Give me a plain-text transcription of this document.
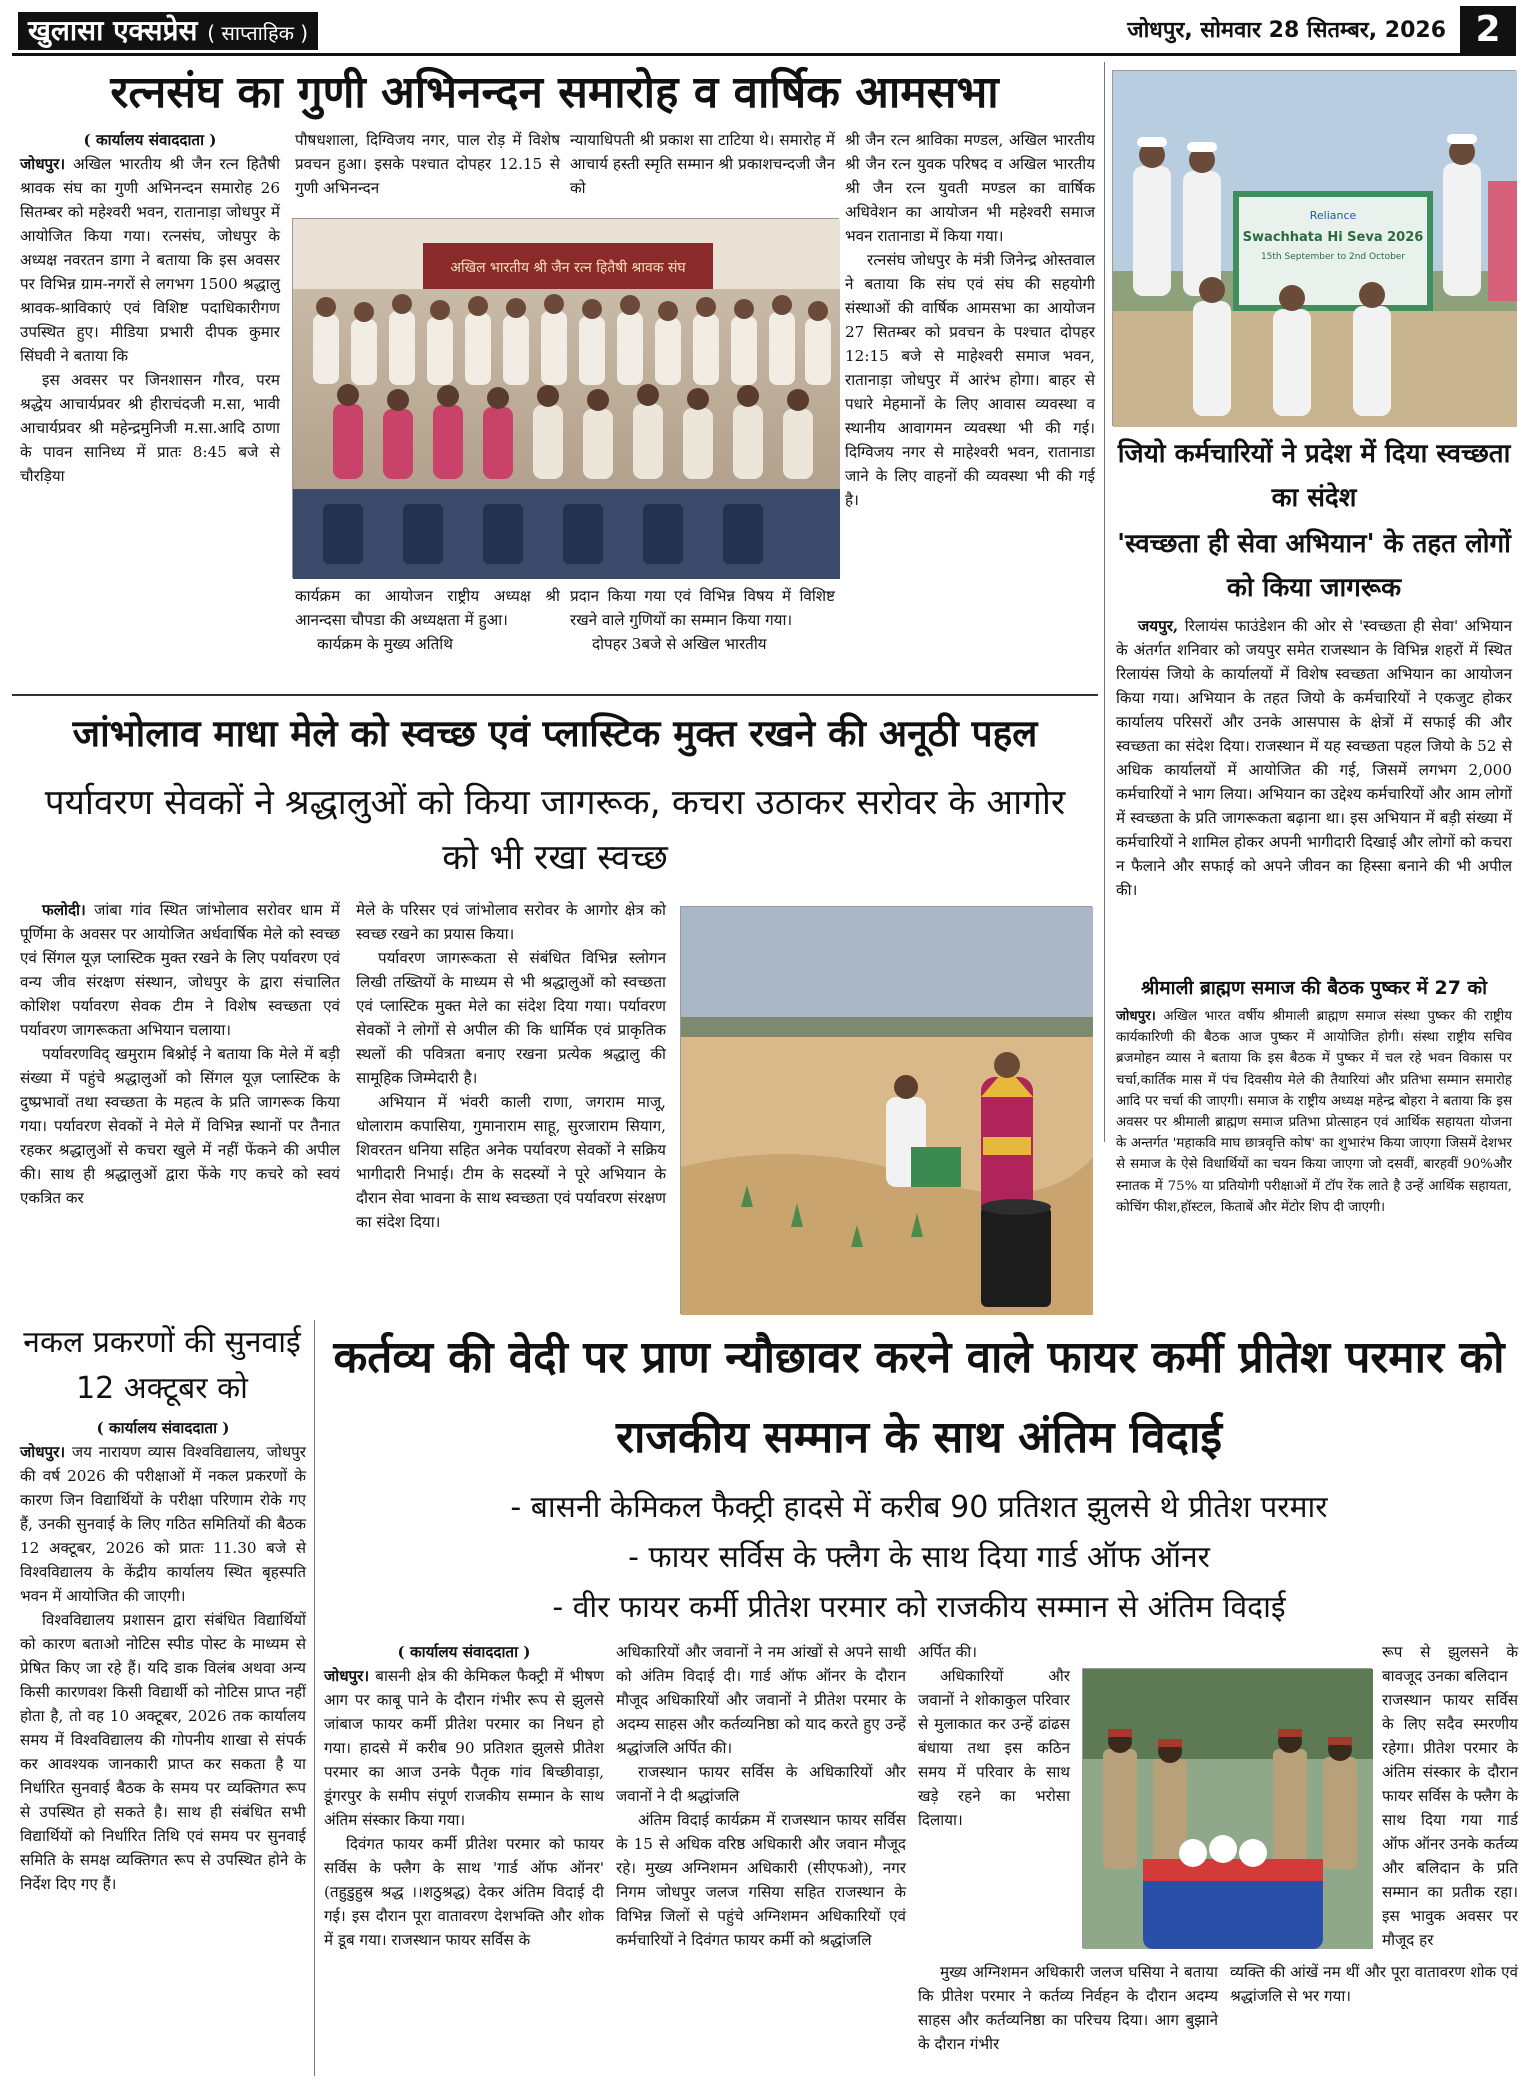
खुलासा एक्सप्रेस ( साप्ताहिक )	जोधपुर, सोमवार 28 सितम्बर, 2026 2
रत्नसंघ का गुणी अभिनन्दन समारोह व वार्षिक आमसभा

( कार्यालय संवाददाता )

जोधपुर। अखिल भारतीय श्री जैन रत्न हितैषी श्रावक संघ का गुणी अभिनन्दन समारोह 26 सितम्बर को महेश्वरी भवन, रातानाड़ा जोधपुर में आयोजित किया गया। रत्नसंघ, जोधपुर के अध्यक्ष नवरतन डागा ने बताया कि इस अवसर पर विभिन्न ग्राम-नगरों से लगभग 1500 श्रद्धालु श्रावक-श्राविकाएं एवं विशिष्ट पदाधिकारीगण उपस्थित हुए। मीडिया प्रभारी दीपक कुमार सिंघवी ने बताया कि

इस अवसर पर जिनशासन गौरव, परम श्रद्धेय आचार्यप्रवर श्री हीराचंदजी म.सा, भावी आचार्यप्रवर श्री महेन्द्रमुनिजी म.सा.आदि ठाणा के पावन सानिध्य में प्रातः 8:45 बजे से चौरड़िया

पौषधशाला, दिग्विजय नगर, पाल रोड़ में विशेष प्रवचन हुआ। इसके पश्चात दोपहर 12.15 से गुणी अभिनन्दन

न्यायाधिपती श्री प्रकाश सा टाटिया थे। समारोह में आचार्य हस्ती स्मृति सम्मान श्री प्रकाशचन्दजी जैन को

अखिल भारतीय श्री जैन रत्न हितैषी श्रावक संघ

कार्यक्रम का आयोजन राष्ट्रीय अध्यक्ष श्री आनन्दसा चौपडा की अध्यक्षता में हुआ।

कार्यक्रम के मुख्य अतिथि

प्रदान किया गया एवं विभिन्न विषय में विशिष्ट रखने वाले गुणियों का सम्मान किया गया।

दोपहर 3बजे से अखिल भारतीय

श्री जैन रत्न श्राविका मण्डल, अखिल भारतीय श्री जैन रत्न युवक परिषद व अखिल भारतीय श्री जैन रत्न युवती मण्डल का वार्षिक अधिवेशन का आयोजन भी महेश्वरी समाज भवन रातानाडा में किया गया।

रत्नसंघ जोधपुर के मंत्री जिनेन्द्र ओस्तवाल ने बताया कि संघ एवं संघ की सहयोगी संस्थाओं की वार्षिक आमसभा का आयोजन 27 सितम्बर को प्रवचन के पश्चात दोपहर 12:15 बजे से माहेश्वरी समाज भवन, रातानाड़ा जोधपुर में आरंभ होगा। बाहर से पधारे मेहमानों के लिए आवास व्यवस्था व स्थानीय आवागमन व्यवस्था भी की गई। दिग्विजय नगर से माहेश्वरी भवन, रातानाडा जाने के लिए वाहनों की व्यवस्था भी की गई है।

Reliance
Swachhata Hi Seva 2026
15th September to 2nd October
जियो कर्मचारियों ने प्रदेश में दिया स्वच्छता का संदेश
'स्वच्छता ही सेवा अभियान' के तहत लोगों को किया जागरूक

जयपुर, रिलायंस फाउंडेशन की ओर से 'स्वच्छता ही सेवा' अभियान के अंतर्गत शनिवार को जयपुर समेत राजस्थान के विभिन्न शहरों में स्थित रिलायंस जियो के कार्यालयों में विशेष स्वच्छता अभियान का आयोजन किया गया। अभियान के तहत जियो के कर्मचारियों ने एकजुट होकर कार्यालय परिसरों और उनके आसपास के क्षेत्रों में सफाई की और स्वच्छता का संदेश दिया। राजस्थान में यह स्वच्छता पहल जियो के 52 से अधिक कार्यालयों में आयोजित की गई, जिसमें लगभग 2,000 कर्मचारियों ने भाग लिया। अभियान का उद्देश्य कर्मचारियों और आम लोगों में स्वच्छता के प्रति जागरूकता बढ़ाना था। इस अभियान में बड़ी संख्या में कर्मचारियों ने शामिल होकर अपनी भागीदारी दिखाई और लोगों को कचरा न फैलाने और सफाई को अपने जीवन का हिस्सा बनाने की भी अपील की।

श्रीमाली ब्राह्मण समाज की बैठक पुष्कर में 27 को

जोधपुर। अखिल भारत वर्षीय श्रीमाली ब्राह्मण समाज संस्था पुष्कर की राष्ट्रीय कार्यकारिणी की बैठक आज पुष्कर में आयोजित होगी। संस्था राष्ट्रीय सचिव ब्रजमोहन व्यास ने बताया कि इस बैठक में पुष्कर में चल रहे भवन विकास पर चर्चा,कार्तिक मास में पंच दिवसीय मेले की तैयारियां और प्रतिभा सम्मान समारोह आदि पर चर्चा की जाएगी। समाज के राष्ट्रीय अध्यक्ष महेन्द्र बोहरा ने बताया कि इस अवसर पर श्रीमाली ब्राह्मण समाज प्रतिभा प्रोत्साहन एवं आर्थिक सहायता योजना के अन्तर्गत 'महाकवि माघ छात्रवृत्ति कोष' का शुभारंभ किया जाएगा जिसमें देशभर से समाज के ऐसे विधार्थियों का चयन किया जाएगा जो दसवीं, बारहवीं 90%और स्नातक में 75% या प्रतियोगी परीक्षाओं में टॉप रेंक लाते है उन्हें आर्थिक सहायता, कोचिंग फीश,हॉस्टल, किताबें और मेंटोर शिप दी जाएगी।

जांभोलाव माधा मेले को स्वच्छ एवं प्लास्टिक मुक्त रखने की अनूठी पहल
पर्यावरण सेवकों ने श्रद्धालुओं को किया जागरूक, कचरा उठाकर सरोवर के आगोर को भी रखा स्वच्छ

फलोदी। जांबा गांव स्थित जांभोलाव सरोवर धाम में पूर्णिमा के अवसर पर आयोजित अर्धवार्षिक मेले को स्वच्छ एवं सिंगल यूज़ प्लास्टिक मुक्त रखने के लिए पर्यावरण एवं वन्य जीव संरक्षण संस्थान, जोधपुर के द्वारा संचालित कोशिश पर्यावरण सेवक टीम ने विशेष स्वच्छता एवं पर्यावरण जागरूकता अभियान चलाया।

पर्यावरणविद् खमुराम बिश्नोई ने बताया कि मेले में बड़ी संख्या में पहुंचे श्रद्धालुओं को सिंगल यूज़ प्लास्टिक के दुष्प्रभावों तथा स्वच्छता के महत्व के प्रति जागरूक किया गया। पर्यावरण सेवकों ने मेले में विभिन्न स्थानों पर तैनात रहकर श्रद्धालुओं से कचरा खुले में नहीं फेंकने की अपील की। साथ ही श्रद्धालुओं द्वारा फेंके गए कचरे को स्वयं एकत्रित कर

मेले के परिसर एवं जांभोलाव सरोवर के आगोर क्षेत्र को स्वच्छ रखने का प्रयास किया।

पर्यावरण जागरूकता से संबंधित विभिन्न स्लोगन लिखी तख्तियों के माध्यम से भी श्रद्धालुओं को स्वच्छता एवं प्लास्टिक मुक्त मेले का संदेश दिया गया। पर्यावरण सेवकों ने लोगों से अपील की कि धार्मिक एवं प्राकृतिक स्थलों की पवित्रता बनाए रखना प्रत्येक श्रद्धालु की सामूहिक जिम्मेदारी है।

अभियान में भंवरी काली राणा, जगराम माजू, धोलाराम कपासिया, गुमानाराम साहू, सुरजाराम सियाग, शिवरतन धनिया सहित अनेक पर्यावरण सेवकों ने सक्रिय भागीदारी निभाई। टीम के सदस्यों ने पूरे अभियान के दौरान सेवा भावना के साथ स्वच्छता एवं पर्यावरण संरक्षण का संदेश दिया।

नकल प्रकरणों की सुनवाई 12 अक्टूबर को

( कार्यालय संवाददाता )

जोधपुर। जय नारायण व्यास विश्वविद्यालय, जोधपुर की वर्ष 2026 की परीक्षाओं में नकल प्रकरणों के कारण जिन विद्यार्थियों के परीक्षा परिणाम रोके गए हैं, उनकी सुनवाई के लिए गठित समितियों की बैठक 12 अक्टूबर, 2026 को प्रातः 11.30 बजे से विश्वविद्यालय के केंद्रीय कार्यालय स्थित बृहस्पति भवन में आयोजित की जाएगी।

विश्वविद्यालय प्रशासन द्वारा संबंधित विद्यार्थियों को कारण बताओ नोटिस स्पीड पोस्ट के माध्यम से प्रेषित किए जा रहे हैं। यदि डाक विलंब अथवा अन्य किसी कारणवश किसी विद्यार्थी को नोटिस प्राप्त नहीं होता है, तो वह 10 अक्टूबर, 2026 तक कार्यालय समय में विश्वविद्यालय की गोपनीय शाखा से संपर्क कर आवश्यक जानकारी प्राप्त कर सकता है या निर्धारित सुनवाई बैठक के समय पर व्यक्तिगत रूप से उपस्थित हो सकते है। साथ ही संबंधित सभी विद्यार्थियों को निर्धारित तिथि एवं समय पर सुनवाई समिति के समक्ष व्यक्तिगत रूप से उपस्थित होने के निर्देश दिए गए हैं।

कर्तव्य की वेदी पर प्राण न्यौछावर करने वाले फायर कर्मी प्रीतेश परमार को राजकीय सम्मान के साथ अंतिम विदाई
- बासनी केमिकल फैक्ट्री हादसे में करीब 90 प्रतिशत झुलसे थे प्रीतेश परमार
- फायर सर्विस के फ्लैग के साथ दिया गार्ड ऑफ ऑनर
- वीर फायर कर्मी प्रीतेश परमार को राजकीय सम्मान से अंतिम विदाई

( कार्यालय संवाददाता )

जोधपुर। बासनी क्षेत्र की केमिकल फैक्ट्री में भीषण आग पर काबू पाने के दौरान गंभीर रूप से झुलसे जांबाज फायर कर्मी प्रीतेश परमार का निधन हो गया। हादसे में करीब 90 प्रतिशत झुलसे प्रीतेश परमार का आज उनके पैतृक गांव बिच्छीवाड़ा, डूंगरपुर के समीप संपूर्ण राजकीय सम्मान के साथ अंतिम संस्कार किया गया।

दिवंगत फायर कर्मी प्रीतेश परमार को फायर सर्विस के फ्लैग के साथ 'गार्ड ऑफ ऑनर' (तहुडुहुस्र श्रद्ध ।।शठुश्रद्ध) देकर अंतिम विदाई दी गई। इस दौरान पूरा वातावरण देशभक्ति और शोक में डूब गया। राजस्थान फायर सर्विस के

अधिकारियों और जवानों ने नम आंखों से अपने साथी को अंतिम विदाई दी। गार्ड ऑफ ऑनर के दौरान मौजूद अधिकारियों और जवानों ने प्रीतेश परमार के अदम्य साहस और कर्तव्यनिष्ठा को याद करते हुए उन्हें श्रद्धांजलि अर्पित की।

राजस्थान फायर सर्विस के अधिकारियों और जवानों ने दी श्रद्धांजलि

अंतिम विदाई कार्यक्रम में राजस्थान फायर सर्विस के 15 से अधिक वरिष्ठ अधिकारी और जवान मौजूद रहे। मुख्य अग्निशमन अधिकारी (सीएफओ), नगर निगम जोधपुर जलज गसिया सहित राजस्थान के विभिन्न जिलों से पहुंचे अग्निशमन अधिकारियों एवं कर्मचारियों ने दिवंगत फायर कर्मी को श्रद्धांजलि

अर्पित की।

अधिकारियों और जवानों ने शोकाकुल परिवार से मुलाकात कर उन्हें ढांढस बंधाया तथा इस कठिन समय में परिवार के साथ खड़े रहने का भरोसा दिलाया।

मुख्य अग्निशमन अधिकारी जलज घसिया ने बताया कि प्रीतेश परमार ने कर्तव्य निर्वहन के दौरान अदम्य साहस और कर्तव्यनिष्ठा का परिचय दिया। आग बुझाने के दौरान गंभीर

रूप से झुलसने के बावजूद उनका बलिदान

राजस्थान फायर सर्विस के लिए सदैव स्मरणीय रहेगा। प्रीतेश परमार के अंतिम संस्कार के दौरान फायर सर्विस के फ्लैग के साथ दिया गया गार्ड ऑफ ऑनर उनके कर्तव्य और बलिदान के प्रति सम्मान का प्रतीक रहा। इस भावुक अवसर पर मौजूद हर

व्यक्ति की आंखें नम थीं और पूरा वातावरण शोक एवं श्रद्धांजलि से भर गया।
